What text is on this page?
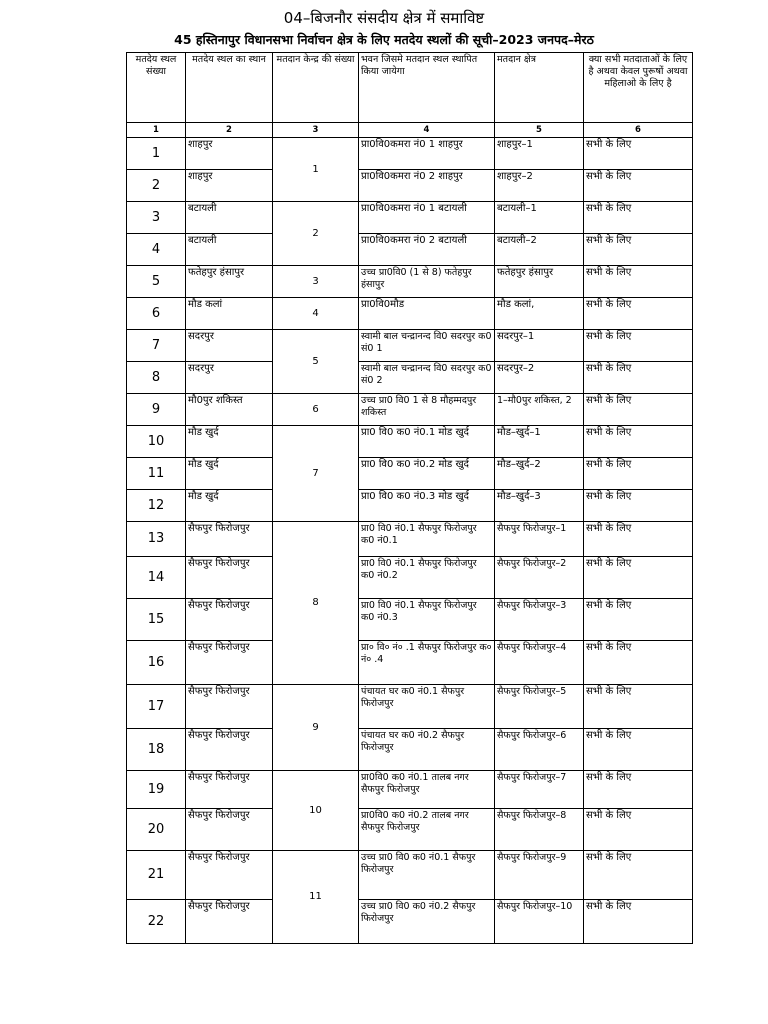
04–बिजनौर संसदीय क्षेत्र में समाविष्ट
45 हस्तिनापुर विधानसभा निर्वाचन क्षेत्र के लिए मतदेय स्थलों की सूची–2023 जनपद–मेरठ
मतदेय स्थल संख्या	मतदेय स्थल का स्थान	मतदान केन्द्र की संख्या	भवन जिसमे मतदान स्थल स्थापित किया जायेगा	मतदान क्षेत्र	क्या सभी मतदाताओं के लिए है अथवा केवल पुरूषों अथवा महिलाओ के लिए है
1	2	3	4	5	6
1	शाहपुर	1	प्रा0वि0कमरा नं0 1 शाहपुर	शाहपुर–1	सभी के लिए
2	शाहपुर		प्रा0वि0कमरा नं0 2 शाहपुर	शाहपुर–2	सभी के लिए
3	बटायली	2	प्रा0वि0कमरा नं0 1 बटायली	बटायली–1	सभी के लिए
4	बटायली		प्रा0वि0कमरा नं0 2 बटायली	बटायली–2	सभी के लिए
5	फतेहपुर हंसापुर	3	उच्च प्रा0वि0 (1 से 8) फतेहपुर हंसापुर	फतेहपुर हंसापुर	सभी के लिए
6	मौड कलां	4	प्रा0वि0मौड	मौड कलां,	सभी के लिए
7	सदरपुर	5	स्वामी बाल चन्द्रानन्द वि0 सदरपुर क0 सं0 1	सदरपुर–1	सभी के लिए
8	सदरपुर		स्वामी बाल चन्द्रानन्द वि0 सदरपुर क0 सं0 2	सदरपुर–2	सभी के लिए
9	मौ0पुर शकिस्त	6	उच्च प्रा0 वि0 1 से 8 मौहम्मदपुर शकिस्त	1–मौ0पुर शकिस्त, 2	सभी के लिए
10	मौड खुर्द	7	प्रा0 वि0 क0 नं0.1 मोड खुर्द	मौड–खुर्द–1	सभी के लिए
11	मौड खुर्द		प्रा0 वि0 क0 नं0.2 मोड खुर्द	मौड–खुर्द–2	सभी के लिए
12	मौड खुर्द		प्रा0 वि0 क0 नं0.3 मोड खुर्द	मौड–खुर्द–3	सभी के लिए
13	सैफपुर फिरोजपुर	8	प्रा0 वि0 नं0.1 सैफपुर फिरोजपुर क0 नं0.1	सैफपुर फिरोजपुर–1	सभी के लिए
14	सैफपुर फिरोजपुर		प्रा0 वि0 नं0.1 सैफपुर फिरोजपुर क0 नं0.2	सैफपुर फिरोजपुर–2	सभी के लिए
15	सैफपुर फिरोजपुर		प्रा0 वि0 नं0.1 सैफपुर फिरोजपुर क0 नं0.3	सैफपुर फिरोजपुर–3	सभी के लिए
16	सैफपुर फिरोजपुर		प्रा० वि० नं० .1 सैफपुर फिरोजपुर क० नं० .4	सैफपुर फिरोजपुर–4	सभी के लिए
17	सैफपुर फिरोजपुर	9	पंचायत घर क0 नं0.1 सैफपुर फिरोजपुर	सैफपुर फिरोजपुर–5	सभी के लिए
18	सैफपुर फिरोजपुर		पंचायत घर क0 नं0.2 सैफपुर फिरोजपुर	सैफपुर फिरोजपुर–6	सभी के लिए
19	सैफपुर फिरोजपुर	10	प्रा0वि0 क0 नं0.1 तालब नगर सैफपुर फिरोजपुर	सैफपुर फिरोजपुर–7	सभी के लिए
20	सैफपुर फिरोजपुर		प्रा0वि0 क0 नं0.2 तालब नगर सैफपुर फिरोजपुर	सैफपुर फिरोजपुर–8	सभी के लिए
21	सैफपुर फिरोजपुर	11	उच्च प्रा0 वि0 क0 नं0.1 सैफपुर फिरोजपुर	सैफपुर फिरोजपुर–9	सभी के लिए
22	सैफपुर फिरोजपुर		उच्च प्रा0 वि0 क0 नं0.2 सैफपुर फिरोजपुर	सैफपुर फिरोजपुर–10	सभी के लिए
